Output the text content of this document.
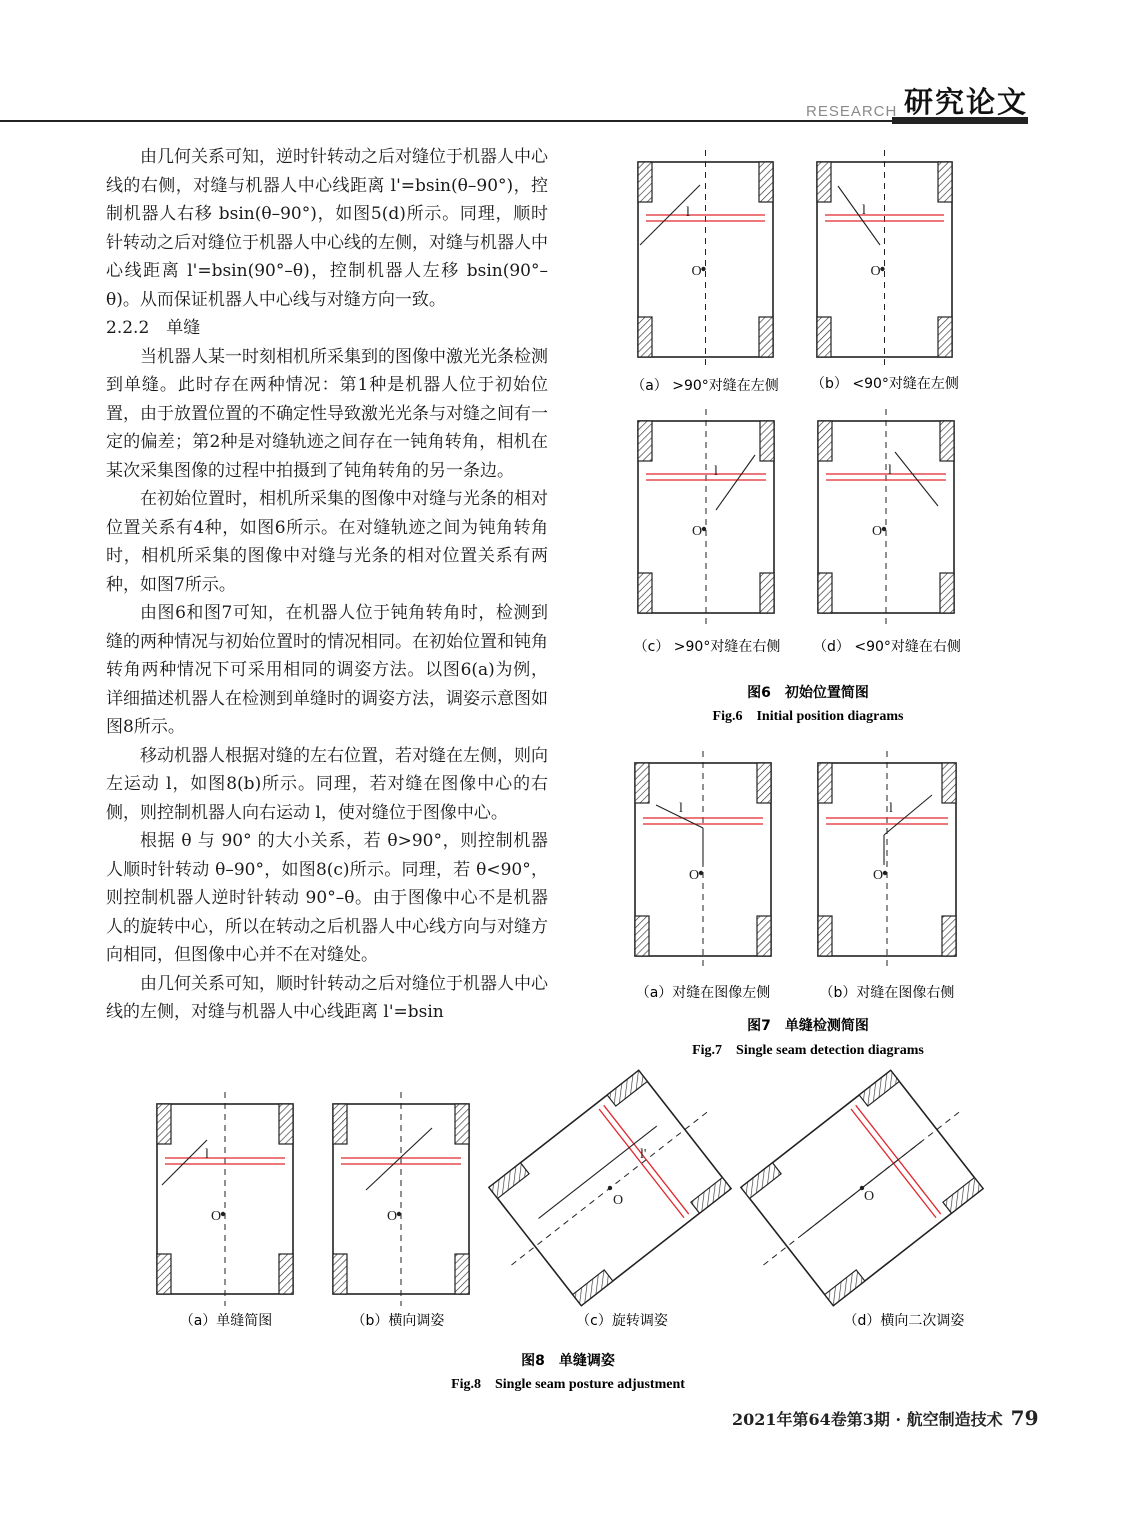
RESEARCH 研究论文

由几何关系可知，逆时针转动之后对缝位于机器人中心线的右侧，对缝与机器人中心线距离 l'=bsin(θ–90°)，控制机器人右移 bsin(θ–90°)，如图5(d)所示。同理，顺时针转动之后对缝位于机器人中心线的左侧，对缝与机器人中心线距离 l'=bsin(90°–θ)，控制机器人左移 bsin(90°–θ)。从而保证机器人中心线与对缝方向一致。

2.2.2　单缝

当机器人某一时刻相机所采集到的图像中激光光条检测到单缝。此时存在两种情况：第1种是机器人位于初始位置，由于放置位置的不确定性导致激光光条与对缝之间有一定的偏差；第2种是对缝轨迹之间存在一钝角转角，相机在某次采集图像的过程中拍摄到了钝角转角的另一条边。

在初始位置时，相机所采集的图像中对缝与光条的相对位置关系有4种，如图6所示。在对缝轨迹之间为钝角转角时，相机所采集的图像中对缝与光条的相对位置关系有两种，如图7所示。

由图6和图7可知，在机器人位于钝角转角时，检测到缝的两种情况与初始位置时的情况相同。在初始位置和钝角转角两种情况下可采用相同的调姿方法。以图6(a)为例，详细描述机器人在检测到单缝时的调姿方法，调姿示意图如图8所示。

移动机器人根据对缝的左右位置，若对缝在左侧，则向左运动 l，如图8(b)所示。同理，若对缝在图像中心的右侧，则控制机器人向右运动 l，使对缝位于图像中心。

根据 θ 与 90° 的大小关系，若 θ>90°，则控制机器人顺时针转动 θ–90°，如图8(c)所示。同理，若 θ<90°，则控制机器人逆时针转动 90°–θ。由于图像中心不是机器人的旋转中心，所以在转动之后机器人中心线方向与对缝方向相同，但图像中心并不在对缝处。

由几何关系可知，顺时针转动之后对缝位于机器人中心线的左侧，对缝与机器人中心线距离 l'=bsin

l
O
l
O
l
O
l
O
l
O
l
O
l
O	O
O
l'
O
（a） >90°对缝在左侧 （b） <90°对缝在左侧
（c） >90°对缝在右侧 （d） <90°对缝在右侧
图6　初始位置简图
Fig.6　Initial position diagrams
（a）对缝在图像左侧	（b）对缝在图像右侧
图7　单缝检测简图
Fig.7　Single seam detection diagrams
（a）单缝简图	（b）横向调姿	（c）旋转调姿	（d）横向二次调姿
图8　单缝调姿
Fig.8　Single seam posture adjustment
2021年第64卷第3期 · 航空制造技术 79
